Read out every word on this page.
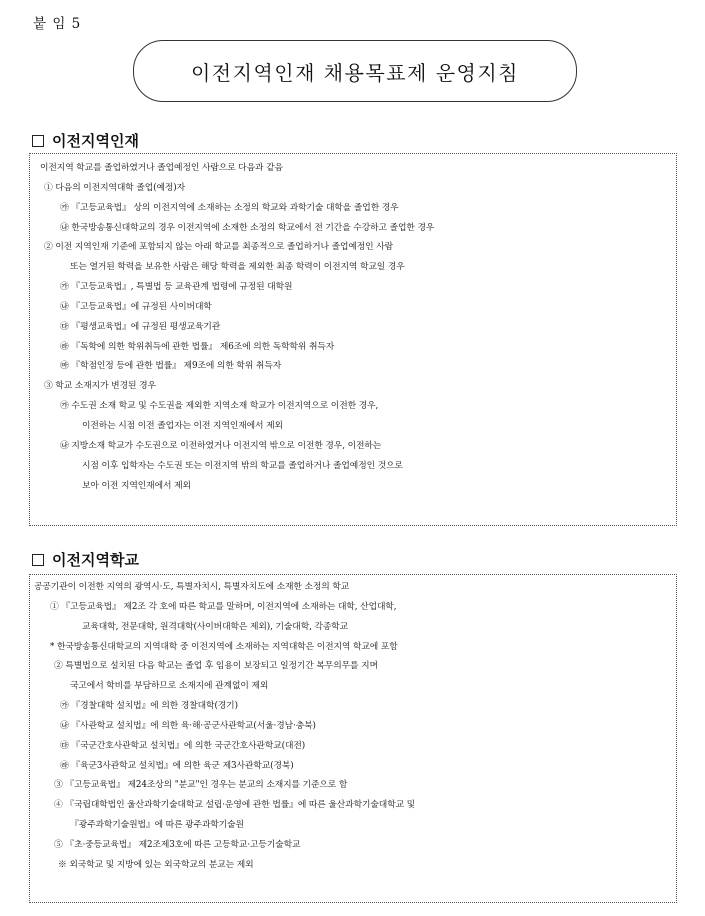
붙 임 5
이전지역인재 채용목표제 운영지침
이전지역인재
이전지역 학교를 졸업하였거나 졸업예정인 사람으로 다음과 같음
① 다음의 이전지역대학 졸업(예정)자
㉮ 『고등교육법』 상의 이전지역에 소재하는 소정의 학교와 과학기술 대학을 졸업한 경우
㉯ 한국방송통신대학교의 경우 이전지역에 소재한 소정의 학교에서 전 기간을 수강하고 졸업한 경우
② 이전 지역인재 기준에 포함되지 않는 아래 학교를 최종적으로 졸업하거나 졸업예정인 사람
또는 열거된 학력을 보유한 사람은 해당 학력을 제외한 최종 학력이 이전지역 학교일 경우
㉮ 『고등교육법』, 특별법 등 교육관계 법령에 규정된 대학원
㉯ 『고등교육법』에 규정된 사이버대학
㉰ 『평생교육법』에 규정된 평생교육기관
㉱ 『독학에 의한 학위취득에 관한 법률』 제6조에 의한 독학학위 취득자
㉲ 『학점인정 등에 관한 법률』 제9조에 의한 학위 취득자
③ 학교 소재지가 변경된 경우
㉮ 수도권 소재 학교 및 수도권을 제외한 지역소재 학교가 이전지역으로 이전한 경우,
이전하는 시점 이전 졸업자는 이전 지역인재에서 제외
㉯ 지방소재 학교가 수도권으로 이전하였거나 이전지역 밖으로 이전한 경우, 이전하는
시점 이후 입학자는 수도권 또는 이전지역 밖의 학교를 졸업하거나 졸업예정인 것으로
보아 이전 지역인재에서 제외
이전지역학교
공공기관이 이전한 지역의 광역시·도, 특별자치시, 특별자치도에 소재한 소정의 학교
① 『고등교육법』 제2조 각 호에 따른 학교를 말하며, 이전지역에 소재하는 대학, 산업대학,
교육대학, 전문대학, 원격대학(사이버대학은 제외), 기술대학, 각종학교
* 한국방송통신대학교의 지역대학 중 이전지역에 소재하는 지역대학은 이전지역 학교에 포함
② 특별법으로 설치된 다음 학교는 졸업 후 임용이 보장되고 일정기간 복무의무를 지며
국고에서 학비를 부담하므로 소재지에 관계없이 제외
㉮ 『경찰대학 설치법』에 의한 경찰대학(경기)
㉯ 『사관학교 설치법』에 의한 육·해·공군사관학교(서울·경남·충북)
㉰ 『국군간호사관학교 설치법』에 의한 국군간호사관학교(대전)
㉱ 『육군3사관학교 설치법』에 의한 육군 제3사관학교(경북)
③ 『고등교육법』 제24조상의 "분교"인 경우는 분교의 소재지를 기준으로 함
④ 『국립대학법인 울산과학기술대학교 설립·운영에 관한 법률』에 따른 울산과학기술대학교 및
『광주과학기술원법』에 따른 광주과학기술원
⑤ 『초·중등교육법』 제2조제3호에 따른 고등학교·고등기술학교
※ 외국학교 및 지방에 있는 외국학교의 분교는 제외
